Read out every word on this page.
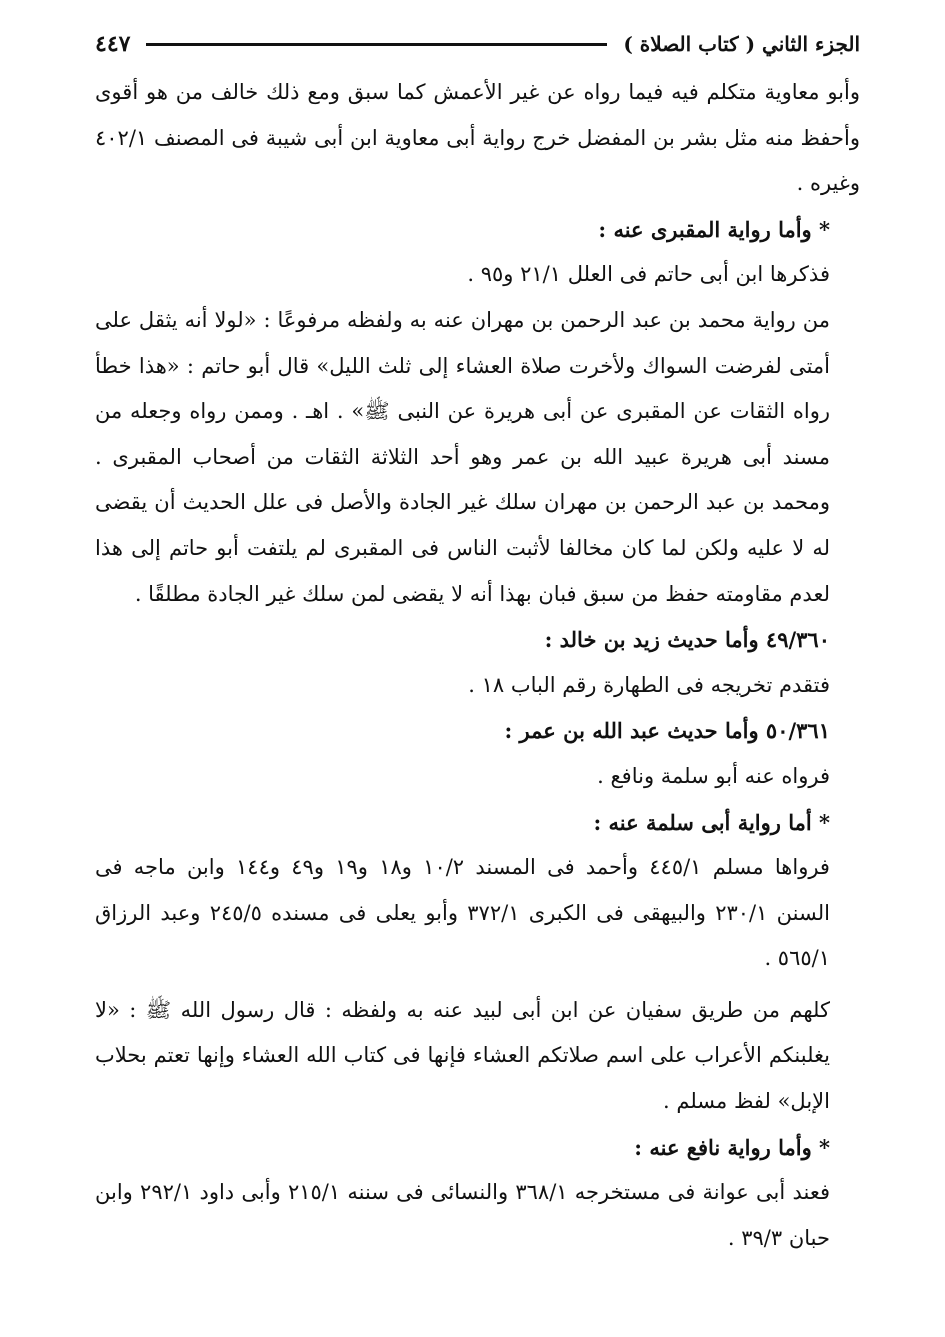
الجزء الثاني ( كتاب الصلاة )
٤٤٧

وأبو معاوية متكلم فيه فيما رواه عن غير الأعمش كما سبق ومع ذلك خالف من هو أقوى وأحفظ منه مثل بشر بن المفضل خرج رواية أبى معاوية ابن أبى شيبة فى المصنف ٤٠٢/١ وغيره .

* وأما رواية المقبرى عنه :

فذكرها ابن أبى حاتم فى العلل ٢١/١ و٩٥ .

من رواية محمد بن عبد الرحمن بن مهران عنه به ولفظه مرفوعًا : «لولا أنه يثقل على أمتى لفرضت السواك ولأخرت صلاة العشاء إلى ثلث الليل» قال أبو حاتم : «هذا خطأ رواه الثقات عن المقبرى عن أبى هريرة عن النبى ﷺ» . اهـ . وممن رواه وجعله من مسند أبى هريرة عبيد الله بن عمر وهو أحد الثلاثة الثقات من أصحاب المقبرى . ومحمد بن عبد الرحمن بن مهران سلك غير الجادة والأصل فى علل الحديث أن يقضى له لا عليه ولكن لما كان مخالفا لأثبت الناس فى المقبرى لم يلتفت أبو حاتم إلى هذا لعدم مقاومته حفظ من سبق فبان بهذا أنه لا يقضى لمن سلك غير الجادة مطلقًا .

٤٩/٣٦٠ وأما حديث زيد بن خالد :

فتقدم تخريجه فى الطهارة رقم الباب ١٨ .

٥٠/٣٦١ وأما حديث عبد الله بن عمر :

فرواه عنه أبو سلمة ونافع .

* أما رواية أبى سلمة عنه :

فرواها مسلم ٤٤٥/١ وأحمد فى المسند ١٠/٢ و١٨ و١٩ و٤٩ و١٤٤ وابن ماجه فى السنن ٢٣٠/١ والبيهقى فى الكبرى ٣٧٢/١ وأبو يعلى فى مسنده ٢٤٥/٥ وعبد الرزاق ٥٦٥/١ .

كلهم من طريق سفيان عن ابن أبى لبيد عنه به ولفظه : قال رسول الله ﷺ : «لا يغلبنكم الأعراب على اسم صلاتكم العشاء فإنها فى كتاب الله العشاء وإنها تعتم بحلاب الإبل» لفظ مسلم .

* وأما رواية نافع عنه :

فعند أبى عوانة فى مستخرجه ٣٦٨/١ والنسائى فى سننه ٢١٥/١ وأبى داود ٢٩٢/١ وابن حبان ٣٩/٣ .
